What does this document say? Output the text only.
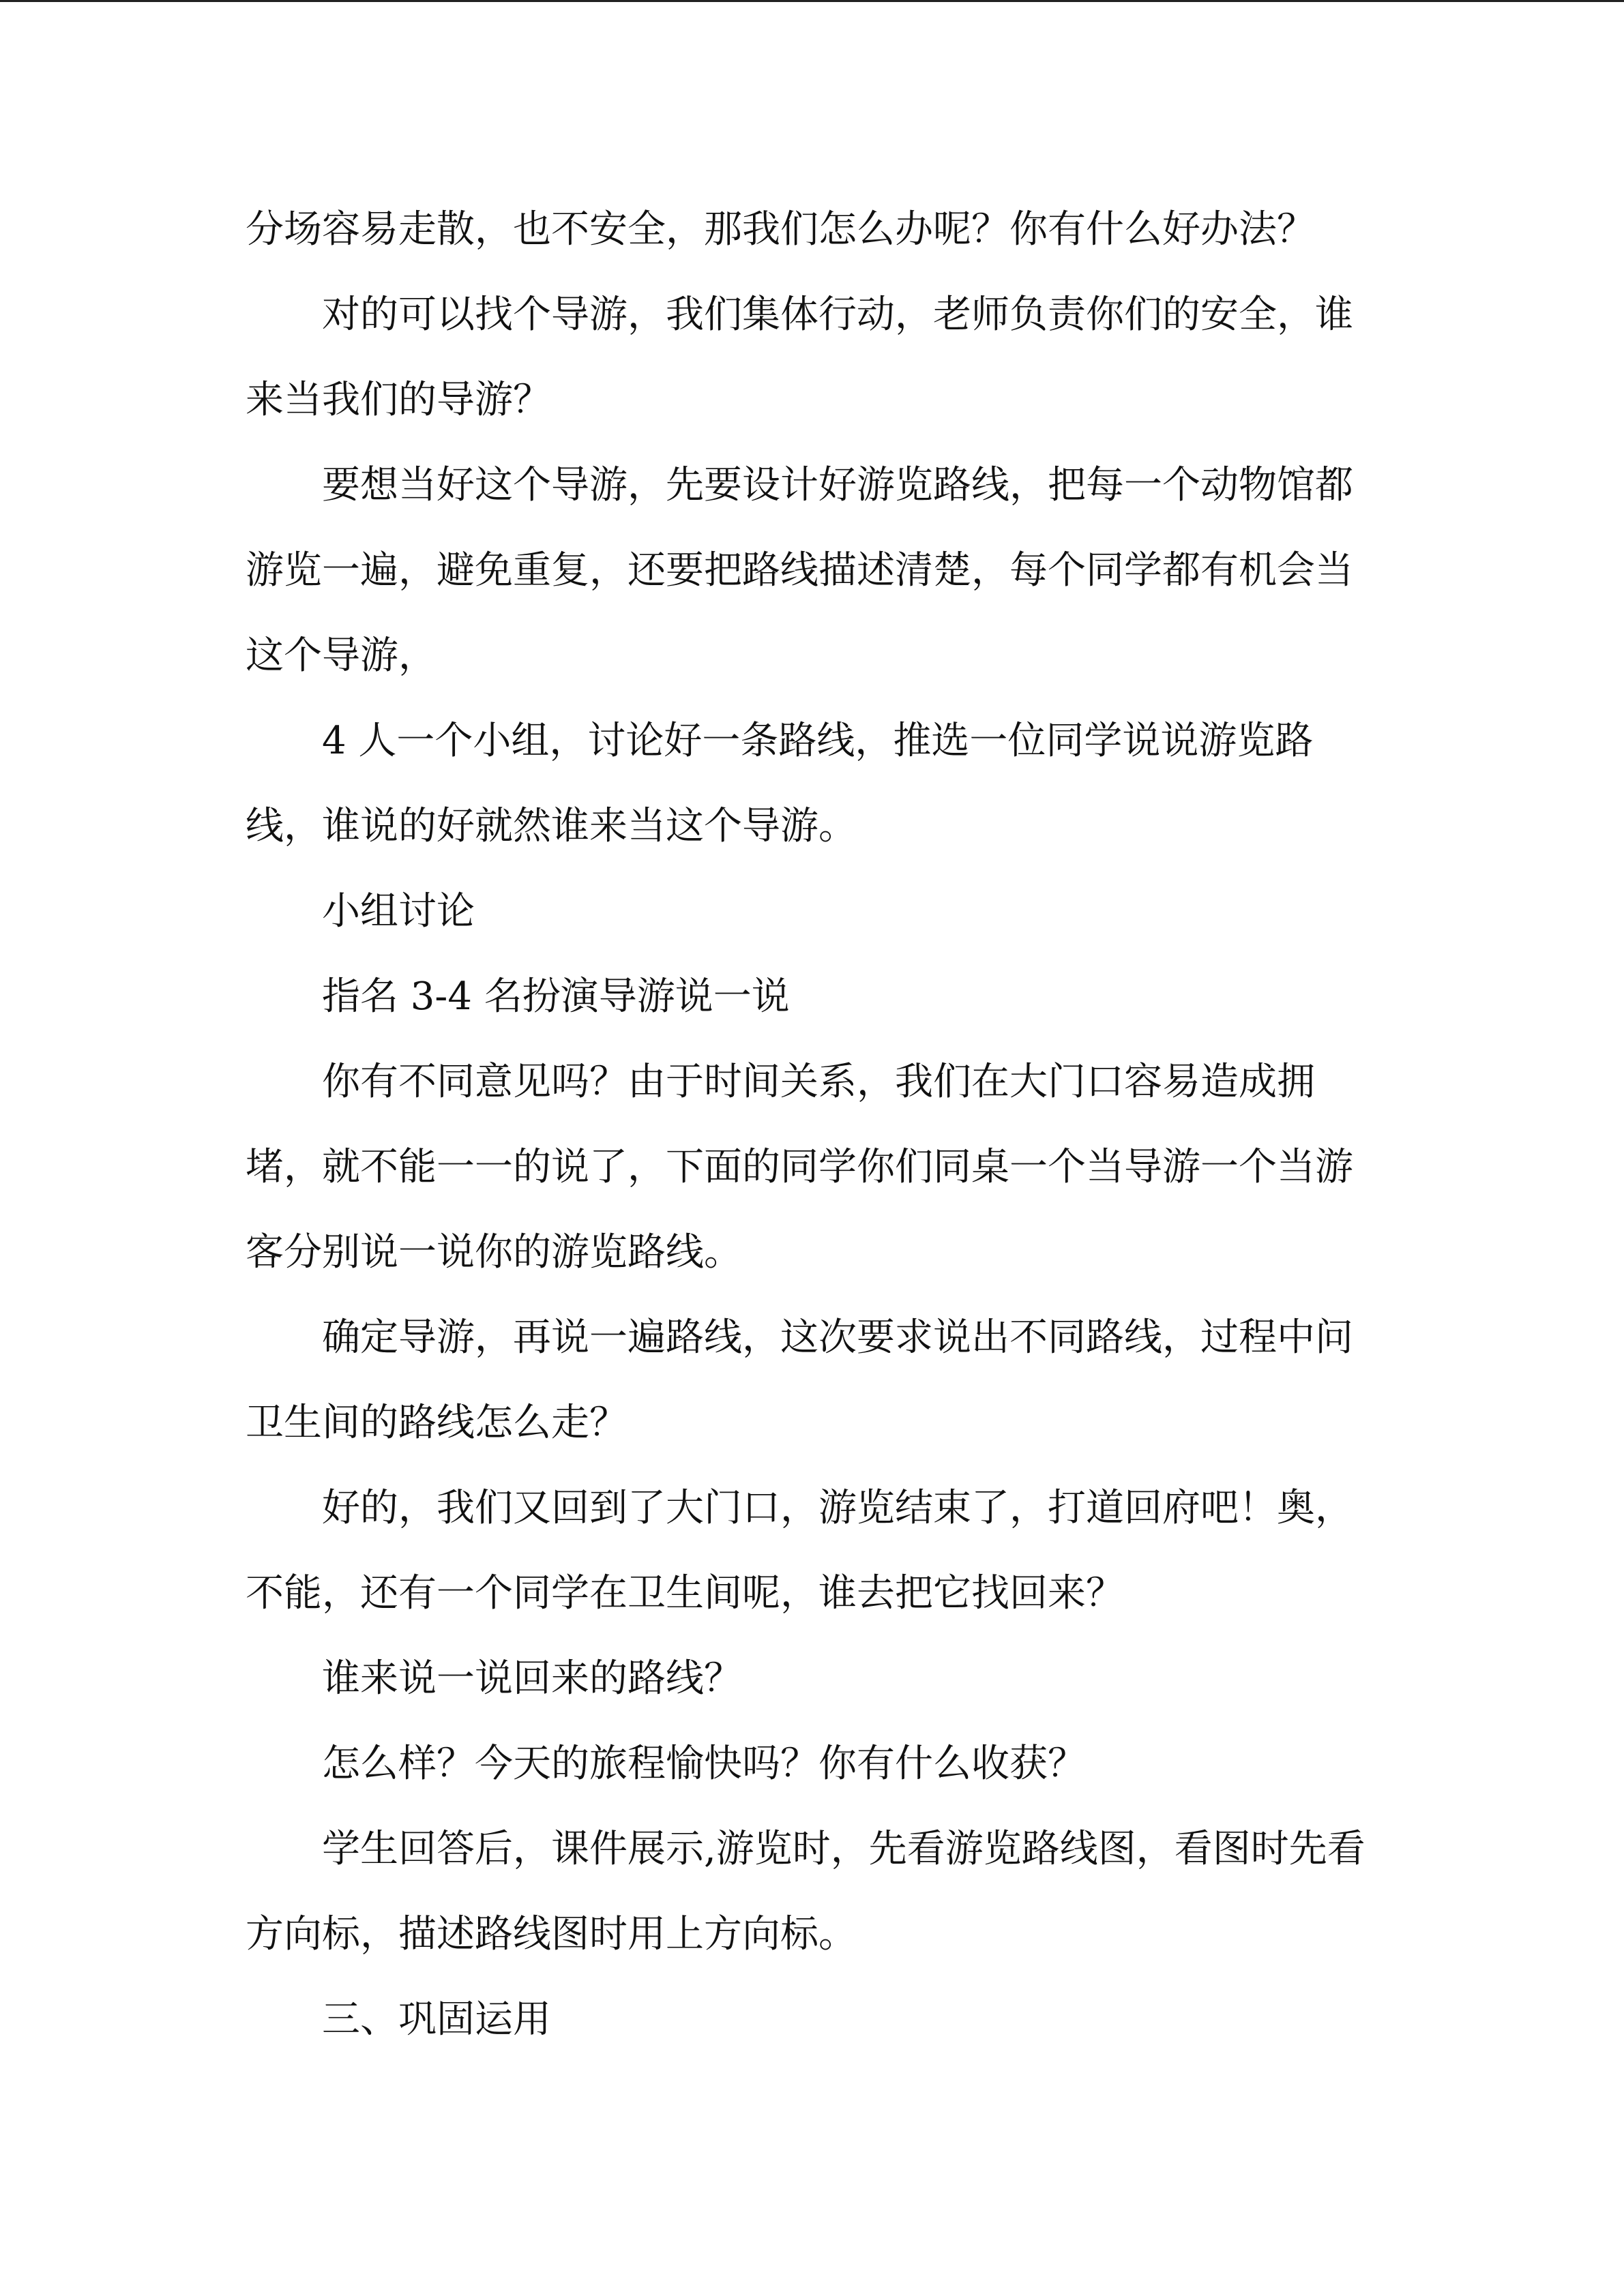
分场容易走散，也不安全，那我们怎么办呢？你有什么好办法？
对的可以找个导游，我们集体行动，老师负责你们的安全，谁
来当我们的导游？
要想当好这个导游，先要设计好游览路线，把每一个动物馆都
游览一遍，避免重复，还要把路线描述清楚，每个同学都有机会当
这个导游，
4 人一个小组，讨论好一条路线，推选一位同学说说游览路
线，谁说的好就然谁来当这个导游。
小组讨论
指名 3-4 名扮演导游说一说
你有不同意见吗？由于时间关系，我们在大门口容易造成拥
堵，就不能一一的说了，下面的同学你们同桌一个当导游一个当游
客分别说一说你的游览路线。
确定导游，再说一遍路线，这次要求说出不同路线，过程中问
卫生间的路线怎么走？
好的，我们又回到了大门口，游览结束了，打道回府吧！奥，
不能，还有一个同学在卫生间呢，谁去把它找回来？
谁来说一说回来的路线？
怎么样？今天的旅程愉快吗？你有什么收获？
学生回答后，课件展示,游览时，先看游览路线图，看图时先看
方向标，描述路线图时用上方向标。
三、巩固运用
